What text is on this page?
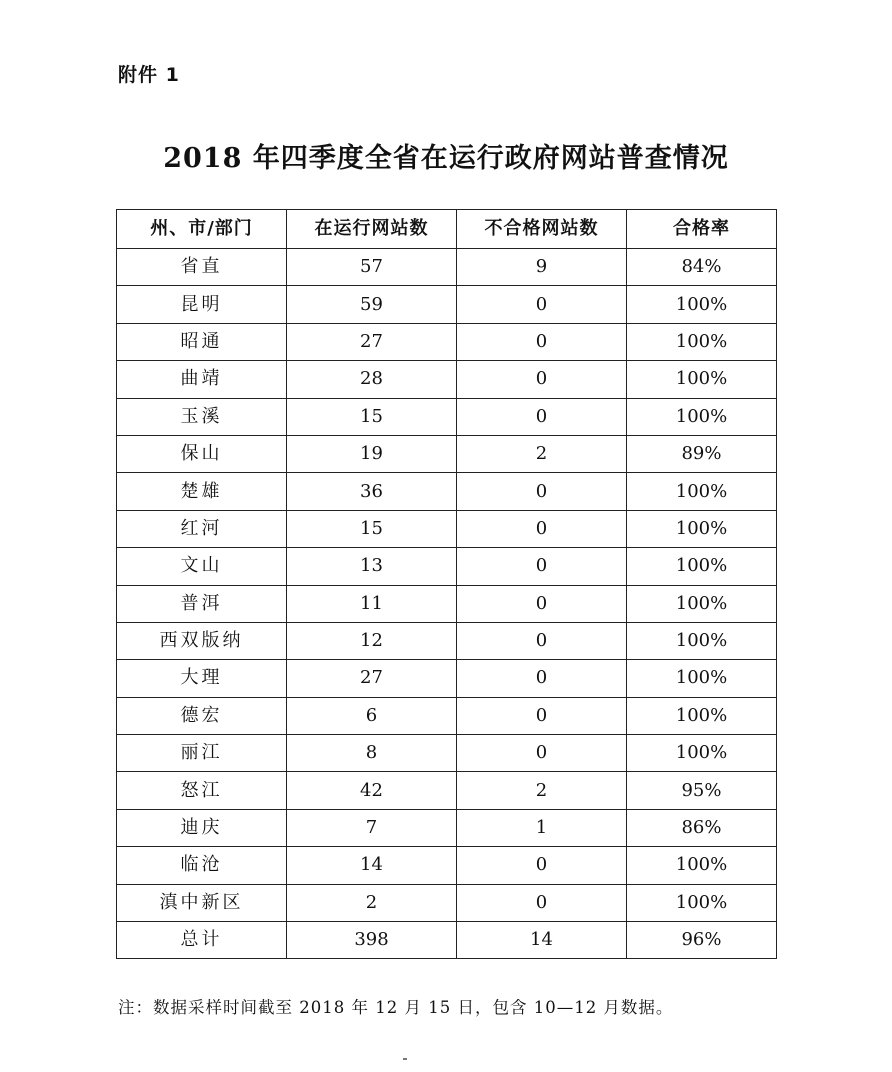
附件 1
2018 年四季度全省在运行政府网站普查情况
州、市/部门	在运行网站数	不合格网站数	合格率
省直	57	9	84%
昆明	59	0	100%
昭通	27	0	100%
曲靖	28	0	100%
玉溪	15	0	100%
保山	19	2	89%
楚雄	36	0	100%
红河	15	0	100%
文山	13	0	100%
普洱	11	0	100%
西双版纳	12	0	100%
大理	27	0	100%
德宏	6	0	100%
丽江	8	0	100%
怒江	42	2	95%
迪庆	7	1	86%
临沧	14	0	100%
滇中新区	2	0	100%
总计	398	14	96%
注：数据采样时间截至 2018 年 12 月 15 日，包含 10—12 月数据。
